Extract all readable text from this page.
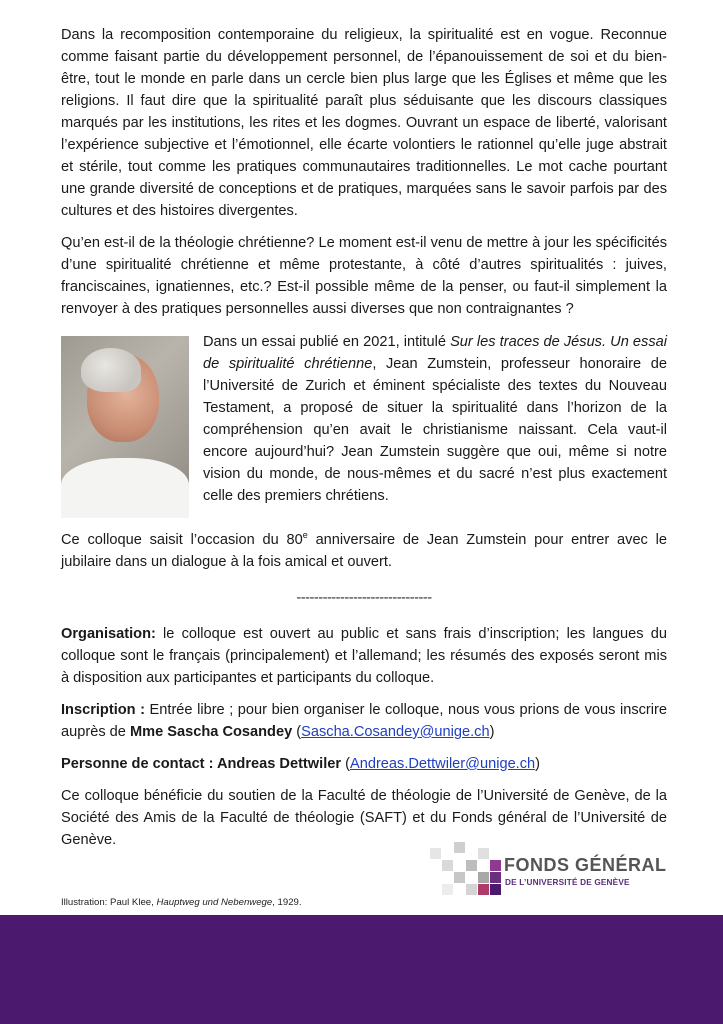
Dans la recomposition contemporaine du religieux, la spiritualité est en vogue. Reconnue comme faisant partie du développement personnel, de l’épanouissement de soi et du bien-être, tout le monde en parle dans un cercle bien plus large que les Églises et même que les religions. Il faut dire que la spiritualité paraît plus séduisante que les discours classiques marqués par les institutions, les rites et les dogmes. Ouvrant un espace de liberté, valorisant l’expérience subjective et l’émotionnel, elle écarte volontiers le rationnel qu’elle juge abstrait et stérile, tout comme les pratiques communautaires traditionnelles. Le mot cache pourtant une grande diversité de conceptions et de pratiques, marquées sans le savoir parfois par des cultures et des histoires divergentes.

Qu’en est-il de la théologie chrétienne? Le moment est-il venu de mettre à jour les spécificités d’une spiritualité chrétienne et même protestante, à côté d’autres spiritualités : juives, franciscaines, ignatiennes, etc.? Est-il possible même de la penser, ou faut-il simplement la renvoyer à des pratiques personnelles aussi diverses que non contraignantes ?

Dans un essai publié en 2021, intitulé Sur les traces de Jésus. Un essai de spiritualité chrétienne, Jean Zumstein, professeur honoraire de l’Université de Zurich et éminent spécialiste des textes du Nouveau Testament, a proposé de situer la spiritualité dans l’horizon de la compréhension qu’en avait le christianisme naissant. Cela vaut-il encore aujourd’hui? Jean Zumstein suggère que oui, même si notre vision du monde, de nous-mêmes et du sacré n’est plus exactement celle des premiers chrétiens.

Ce colloque saisit l’occasion du 80e anniversaire de Jean Zumstein pour entrer avec le jubilaire dans un dialogue à la fois amical et ouvert.

-------------------------------

Organisation: le colloque est ouvert au public et sans frais d’inscription; les langues du colloque sont le français (principalement) et l’allemand; les résumés des exposés seront mis à disposition aux participantes et participants du colloque.

Inscription : Entrée libre ; pour bien organiser le colloque, nous vous prions de vous inscrire auprès de Mme Sascha Cosandey (Sascha.Cosandey@unige.ch)

Personne de contact : Andreas Dettwiler (Andreas.Dettwiler@unige.ch)

Ce colloque bénéficie du soutien de la Faculté de théologie de l’Université de Genève, de la Société des Amis de la Faculté de théologie (SAFT) et du Fonds général de l’Université de Genève.

FONDS GÉNÉRAL
DE L’UNIVERSITÉ DE GENÈVE
Illustration: Paul Klee, Hauptweg und Nebenwege, 1929.
